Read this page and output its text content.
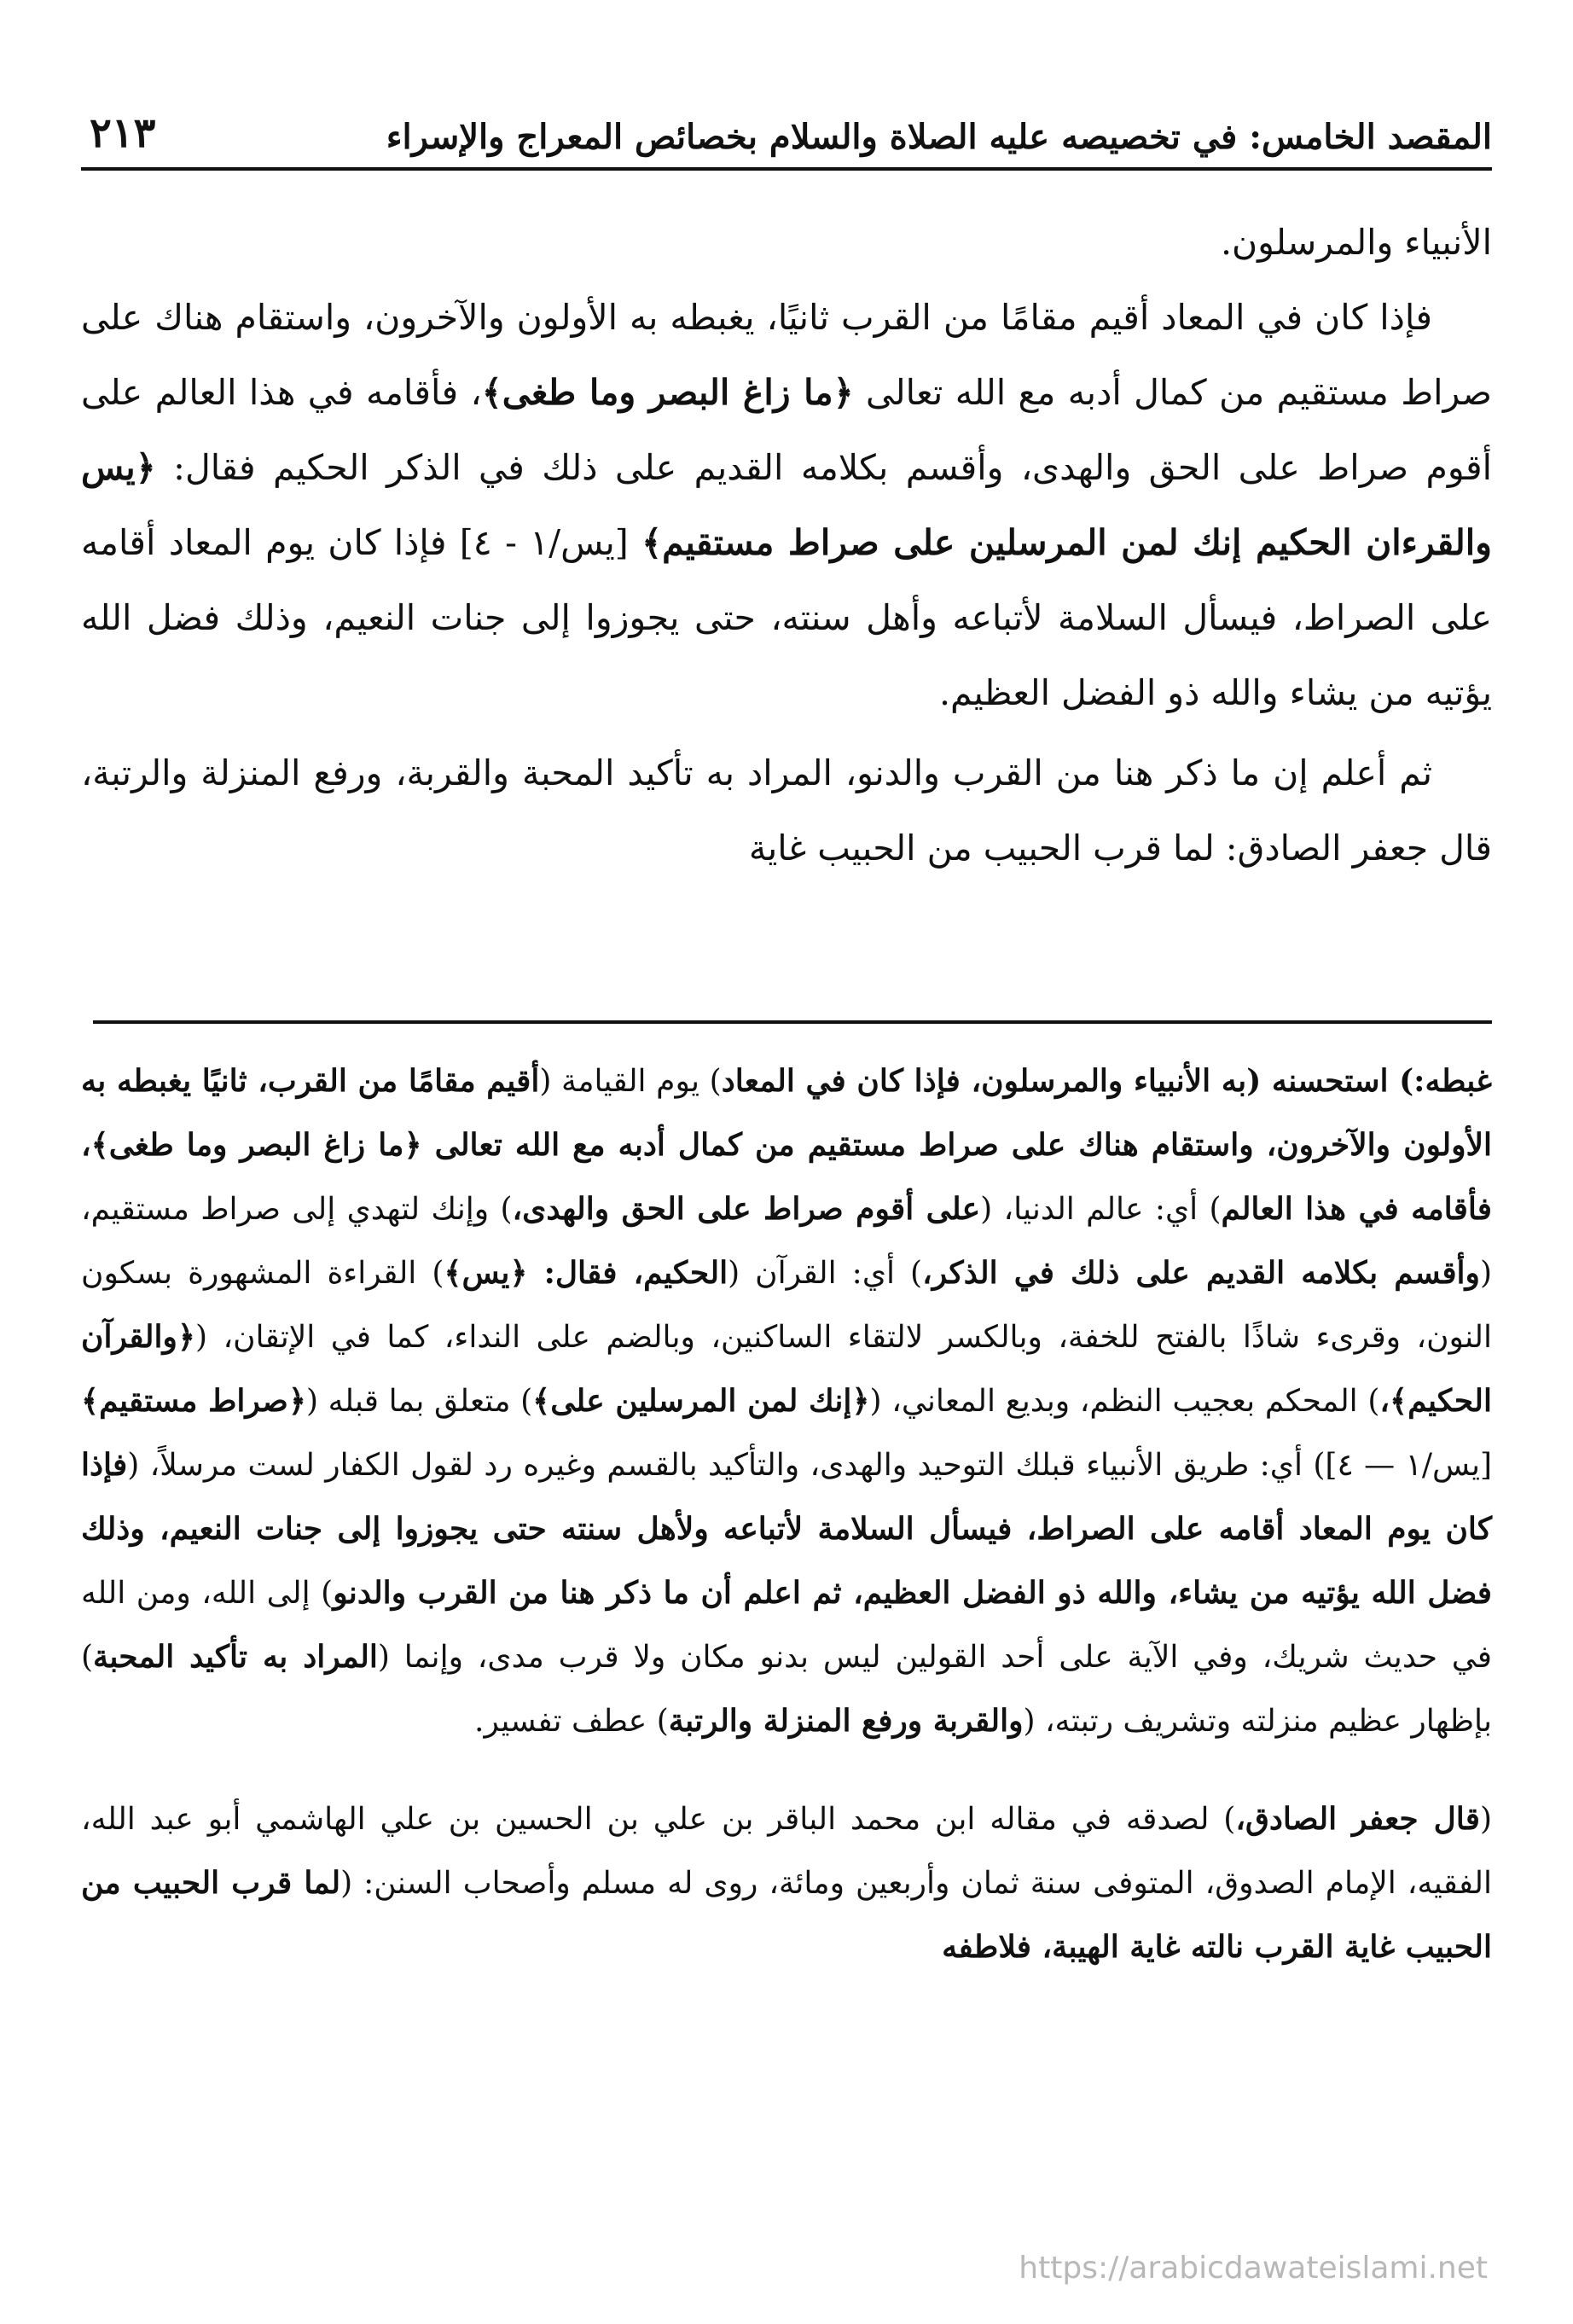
المقصد الخامس: في تخصيصه عليه الصلاة والسلام بخصائص المعراج والإسراء
٢١٣

الأنبياء والمرسلون.

فإذا كان في المعاد أقيم مقامًا من القرب ثانيًا، يغبطه به الأولون والآخرون، واستقام هناك على صراط مستقيم من كمال أدبه مع الله تعالى ﴿ما زاغ البصر وما طغى﴾، فأقامه في هذا العالم على أقوم صراط على الحق والهدى، وأقسم بكلامه القديم على ذلك في الذكر الحكيم فقال: ﴿يس والقرءان الحكيم إنك لمن المرسلين على صراط مستقيم﴾ [يس/١ - ٤] فإذا كان يوم المعاد أقامه على الصراط، فيسأل السلامة لأتباعه وأهل سنته، حتى يجوزوا إلى جنات النعيم، وذلك فضل الله يؤتيه من يشاء والله ذو الفضل العظيم.

ثم أعلم إن ما ذكر هنا من القرب والدنو، المراد به تأكيد المحبة والقربة، ورفع المنزلة والرتبة، قال جعفر الصادق: لما قرب الحبيب من الحبيب غاية

غبطه:) استحسنه (به الأنبياء والمرسلون، فإذا كان في المعاد) يوم القيامة (أقيم مقامًا من القرب، ثانيًا يغبطه به الأولون والآخرون، واستقام هناك على صراط مستقيم من كمال أدبه مع الله تعالى ﴿ما زاغ البصر وما طغى﴾، فأقامه في هذا العالم) أي: عالم الدنيا، (على أقوم صراط على الحق والهدى،) وإنك لتهدي إلى صراط مستقيم، (وأقسم بكلامه القديم على ذلك في الذكر،) أي: القرآن (الحكيم، فقال: ﴿يس﴾) القراءة المشهورة بسكون النون، وقرىء شاذًا بالفتح للخفة، وبالكسر لالتقاء الساكنين، وبالضم على النداء، كما في الإتقان، (﴿والقرآن الحكيم﴾،) المحكم بعجيب النظم، وبديع المعاني، (﴿إنك لمن المرسلين على﴾) متعلق بما قبله (﴿صراط مستقيم﴾ [يس/١ — ٤]) أي: طريق الأنبياء قبلك التوحيد والهدى، والتأكيد بالقسم وغيره رد لقول الكفار لست مرسلاً، (فإذا كان يوم المعاد أقامه على الصراط، فيسأل السلامة لأتباعه ولأهل سنته حتى يجوزوا إلى جنات النعيم، وذلك فضل الله يؤتيه من يشاء، والله ذو الفضل العظيم، ثم اعلم أن ما ذكر هنا من القرب والدنو) إلى الله، ومن الله في حديث شريك، وفي الآية على أحد القولين ليس بدنو مكان ولا قرب مدى، وإنما (المراد به تأكيد المحبة) بإظهار عظيم منزلته وتشريف رتبته، (والقربة ورفع المنزلة والرتبة) عطف تفسير.

(قال جعفر الصادق،) لصدقه في مقاله ابن محمد الباقر بن علي بن الحسين بن علي الهاشمي أبو عبد الله، الفقيه، الإمام الصدوق، المتوفى سنة ثمان وأربعين ومائة، روى له مسلم وأصحاب السنن: (لما قرب الحبيب من الحبيب غاية القرب نالته غاية الهيبة، فلاطفه

https://arabicdawateislami.net
